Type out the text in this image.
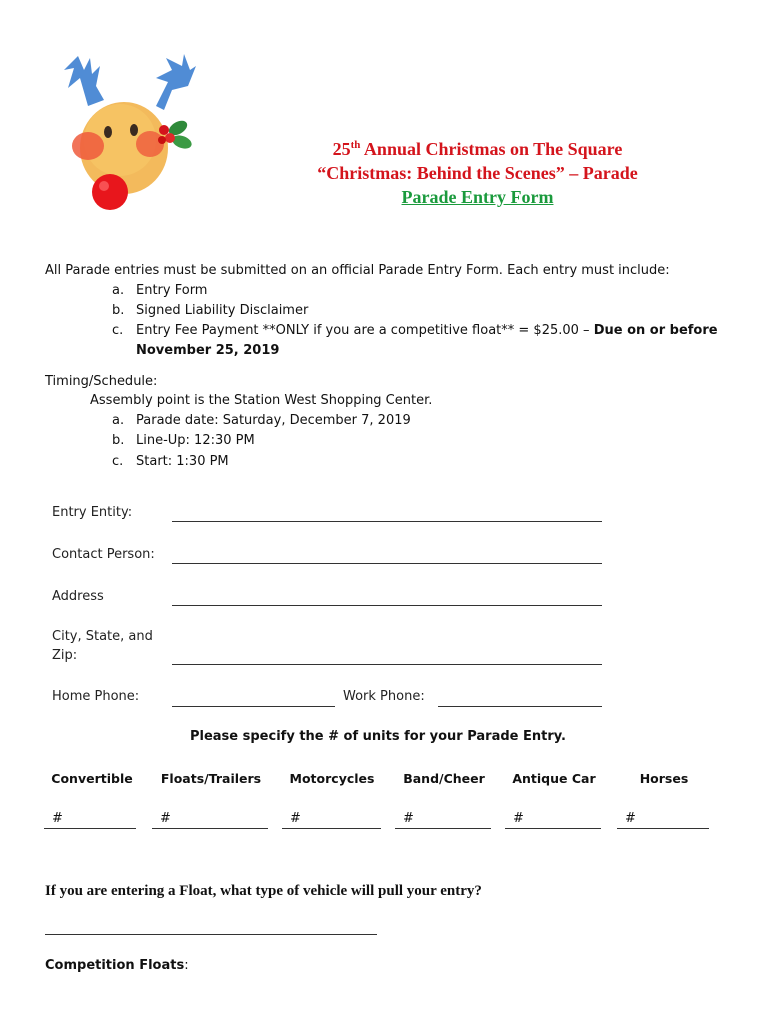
25th Annual Christmas on The Square
“Christmas: Behind the Scenes” – Parade
Parade Entry Form
All Parade entries must be submitted on an official Parade Entry Form. Each entry must include:
a. Entry Form
b. Signed Liability Disclaimer
c. Entry Fee Payment **ONLY if you are a competitive float** = $25.00 – Due on or before
November 25, 2019
Timing/Schedule:
Assembly point is the Station West Shopping Center.
a. Parade date: Saturday, December 7, 2019
b. Line-Up: 12:30 PM
c. Start: 1:30 PM
Entry Entity:
Contact Person:
Address
City, State, and
Zip:
Home Phone:	Work Phone:
Please specify the # of units for your Parade Entry.
Convertible	Floats/Trailers	Motorcycles	Band/Cheer	Antique Car	Horses
#	#	#	#	#	#
If you are entering a Float, what type of vehicle will pull your entry?
Competition Floats:
